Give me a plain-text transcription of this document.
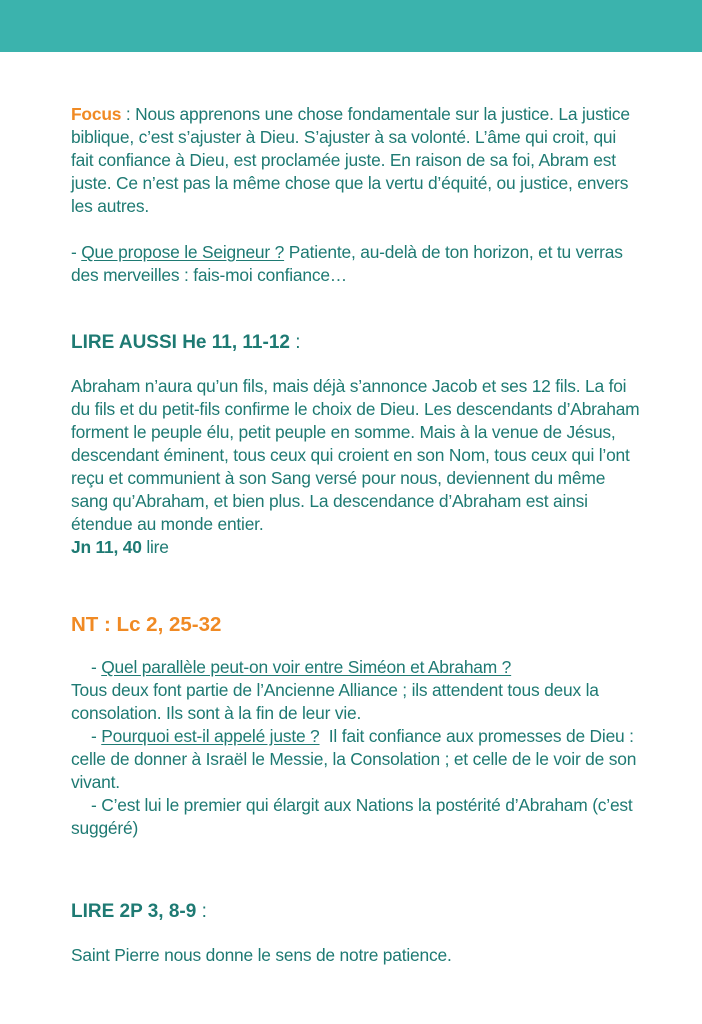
Focus : Nous apprenons une chose fondamentale sur la justice. La justice biblique, c’est s’ajuster à Dieu. S’ajuster à sa volonté. L’âme qui croit, qui fait confiance à Dieu, est proclamée juste. En raison de sa foi, Abram est juste. Ce n’est pas la même chose que la vertu d’équité, ou justice, envers les autres.

- Que propose le Seigneur ? Patiente, au-delà de ton horizon, et tu verras des merveilles : fais-moi confiance…

LIRE AUSSI He 11, 11-12 :

Abraham n’aura qu’un fils, mais déjà s’annonce Jacob et ses 12 fils. La foi du fils et du petit-fils confirme le choix de Dieu. Les descendants d’Abraham forment le peuple élu, petit peuple en somme. Mais à la venue de Jésus, descendant éminent, tous ceux qui croient en son Nom, tous ceux qui l’ont reçu et communient à son Sang versé pour nous, deviennent du même sang qu’Abraham, et bien plus. La descendance d’Abraham est ainsi étendue au monde entier.

Jn 11, 40 lire

NT : Lc 2, 25-32

- Quel parallèle peut-on voir entre Siméon et Abraham ?

Tous deux font partie de l’Ancienne Alliance ; ils attendent tous deux la consolation. Ils sont à la fin de leur vie.

- Pourquoi est-il appelé juste ?  Il fait confiance aux promesses de Dieu : celle de donner à Israël le Messie, la Consolation ; et celle de le voir de son vivant.

- C’est lui le premier qui élargit aux Nations la postérité d’Abraham (c’est suggéré)

LIRE 2P 3, 8-9 :

Saint Pierre nous donne le sens de notre patience.
